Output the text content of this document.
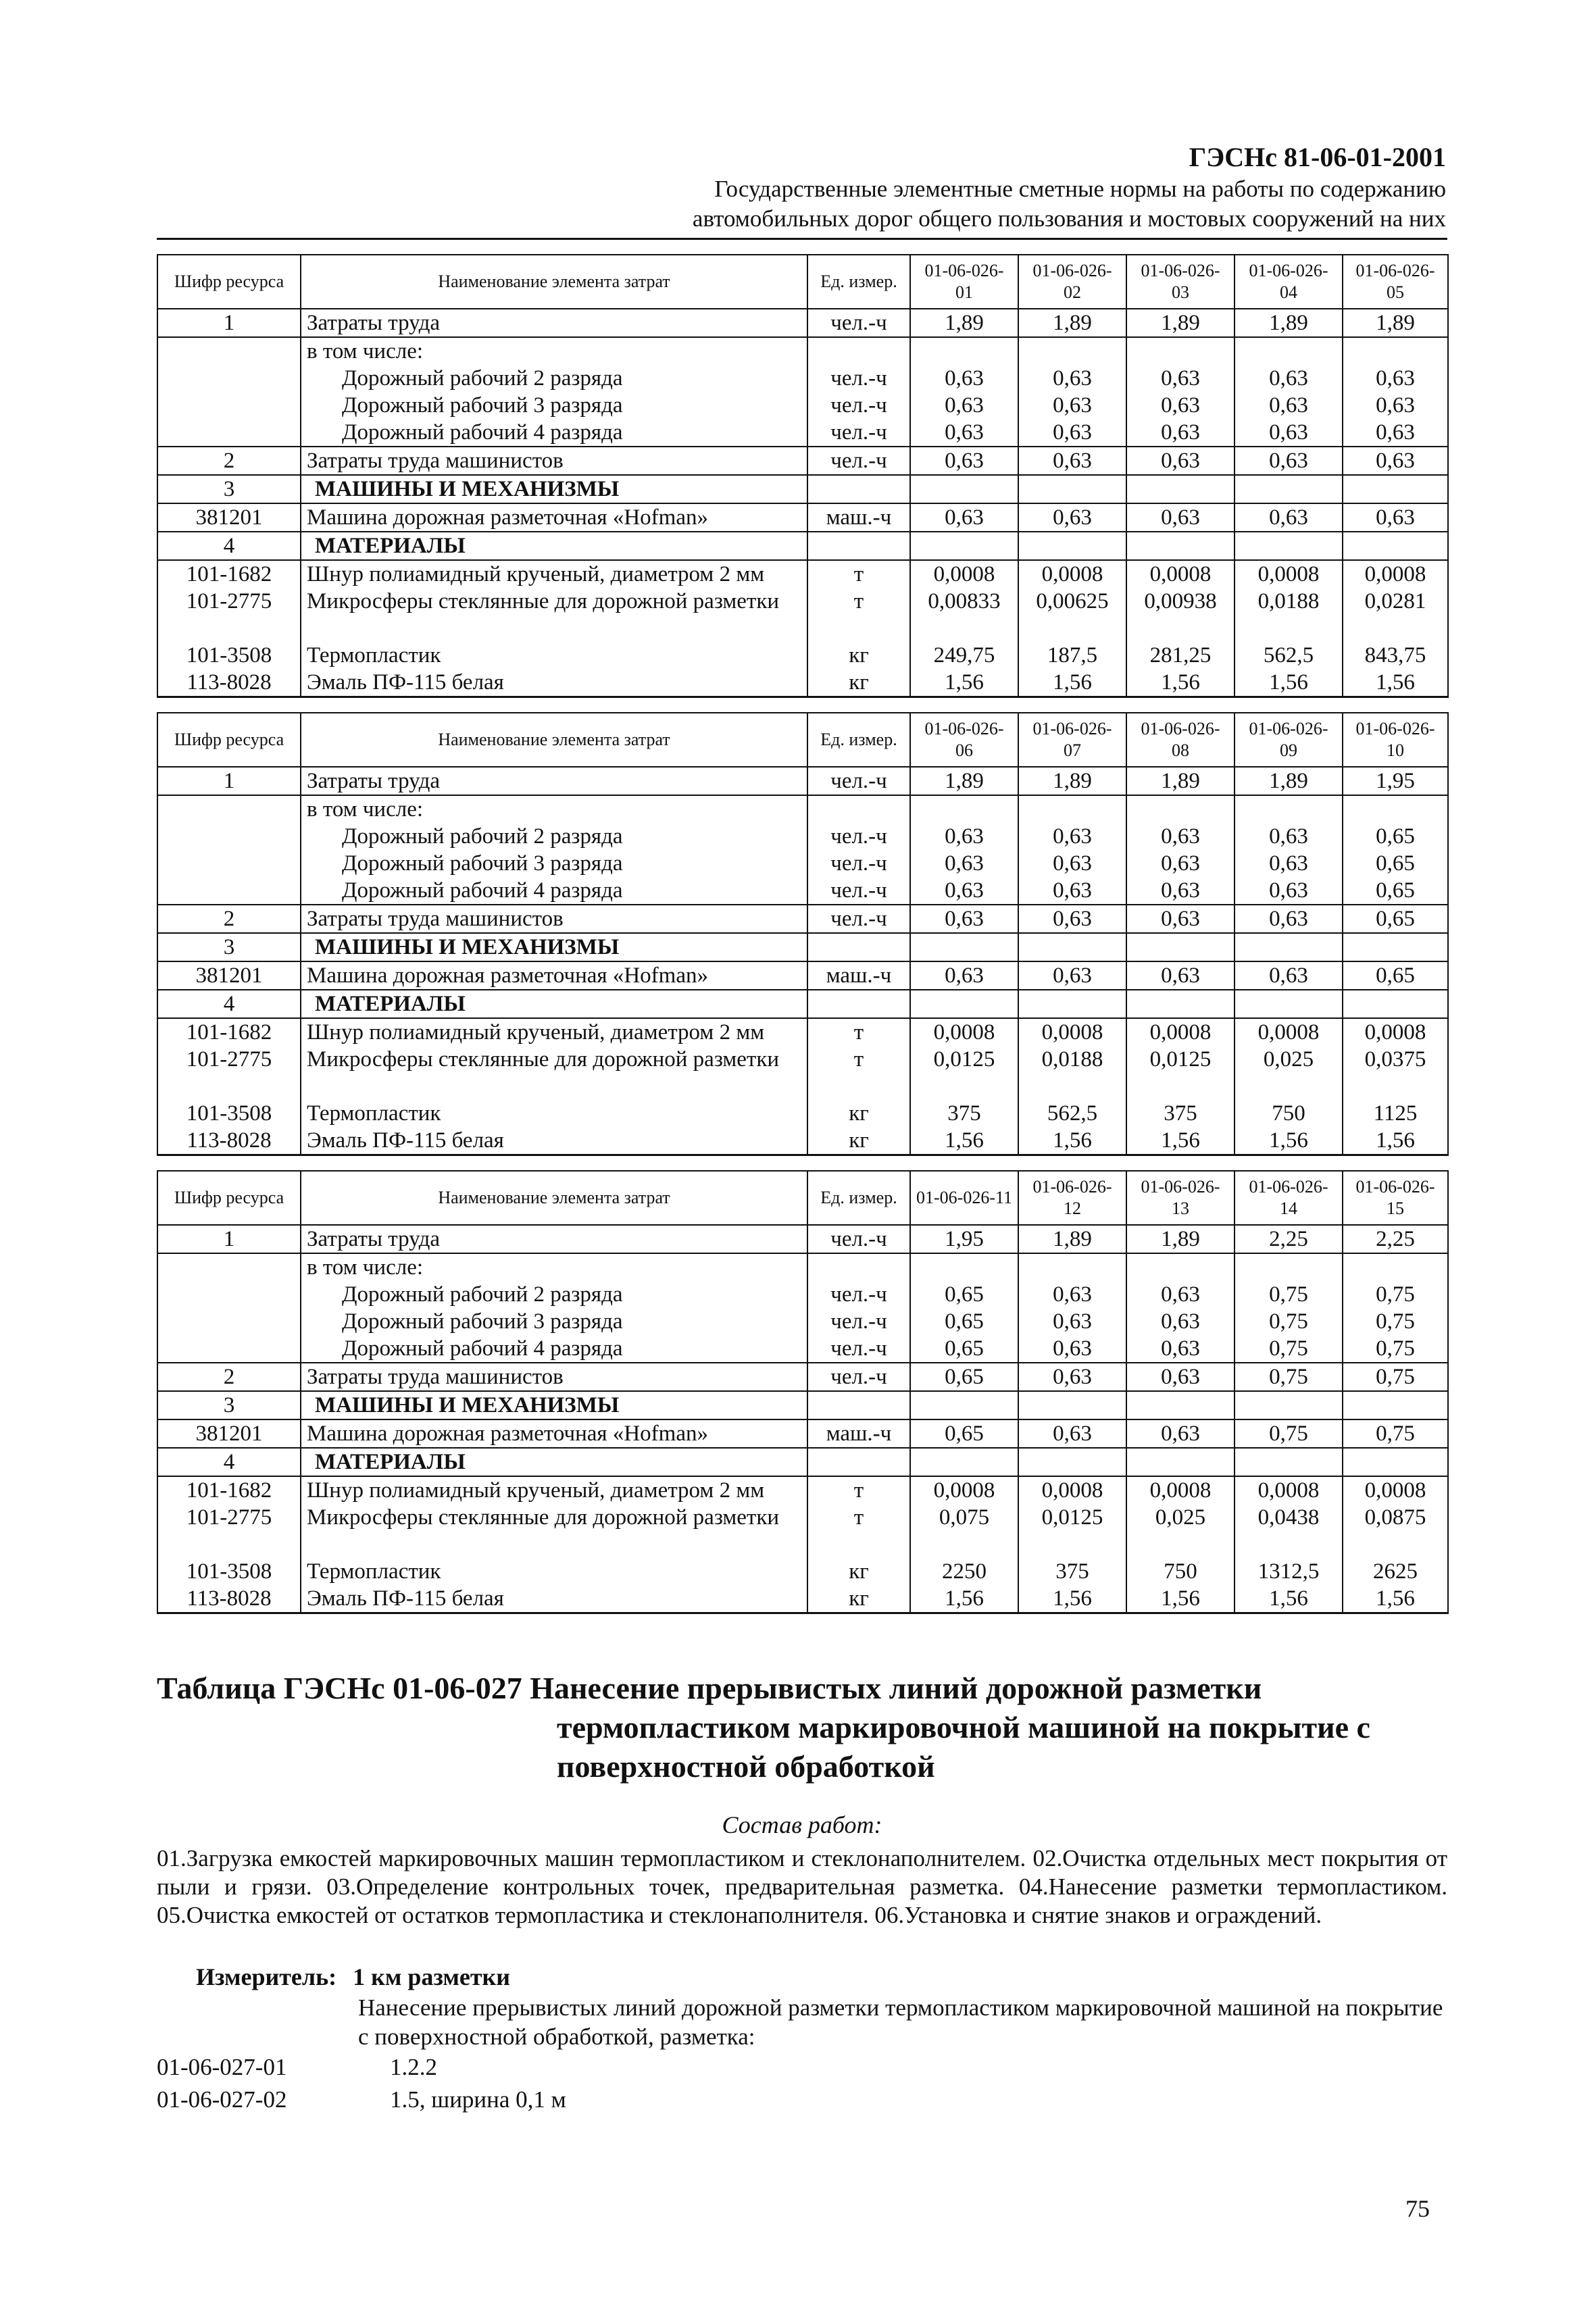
ГЭСНс 81-06-01-2001
Государственные элементные сметные нормы на работы по содержанию
автомобильных дорог общего пользования и мостовых сооружений на них
Шифр ресурса	Наименование элемента затрат	Ед. измер.	01-06-026-01	01-06-026-02	01-06-026-03	01-06-026-04	01-06-026-05
1	Затраты труда	чел.-ч	1,89	1,89	1,89	1,89	1,89
	в том числе:						
	Дорожный рабочий 2 разряда	чел.-ч	0,63	0,63	0,63	0,63	0,63
	Дорожный рабочий 3 разряда	чел.-ч	0,63	0,63	0,63	0,63	0,63
	Дорожный рабочий 4 разряда	чел.-ч	0,63	0,63	0,63	0,63	0,63
2	Затраты труда машинистов	чел.-ч	0,63	0,63	0,63	0,63	0,63
3	МАШИНЫ И МЕХАНИЗМЫ						
381201	Машина дорожная разметочная «Hofman»	маш.-ч	0,63	0,63	0,63	0,63	0,63
4	МАТЕРИАЛЫ						
101-1682	Шнур полиамидный крученый, диаметром 2 мм	т	0,0008	0,0008	0,0008	0,0008	0,0008
101-2775	Микросферы стеклянные для дорожной разметки	т	0,00833	0,00625	0,00938	0,0188	0,0281
101-3508	Термопластик	кг	249,75	187,5	281,25	562,5	843,75
113-8028	Эмаль ПФ-115 белая	кг	1,56	1,56	1,56	1,56	1,56
Шифр ресурса	Наименование элемента затрат	Ед. измер.	01-06-026-06	01-06-026-07	01-06-026-08	01-06-026-09	01-06-026-10
1	Затраты труда	чел.-ч	1,89	1,89	1,89	1,89	1,95
	в том числе:						
	Дорожный рабочий 2 разряда	чел.-ч	0,63	0,63	0,63	0,63	0,65
	Дорожный рабочий 3 разряда	чел.-ч	0,63	0,63	0,63	0,63	0,65
	Дорожный рабочий 4 разряда	чел.-ч	0,63	0,63	0,63	0,63	0,65
2	Затраты труда машинистов	чел.-ч	0,63	0,63	0,63	0,63	0,65
3	МАШИНЫ И МЕХАНИЗМЫ						
381201	Машина дорожная разметочная «Hofman»	маш.-ч	0,63	0,63	0,63	0,63	0,65
4	МАТЕРИАЛЫ						
101-1682	Шнур полиамидный крученый, диаметром 2 мм	т	0,0008	0,0008	0,0008	0,0008	0,0008
101-2775	Микросферы стеклянные для дорожной разметки	т	0,0125	0,0188	0,0125	0,025	0,0375
101-3508	Термопластик	кг	375	562,5	375	750	1125
113-8028	Эмаль ПФ-115 белая	кг	1,56	1,56	1,56	1,56	1,56
Шифр ресурса	Наименование элемента затрат	Ед. измер.	01-06-026-11	01-06-026-12	01-06-026-13	01-06-026-14	01-06-026-15
1	Затраты труда	чел.-ч	1,95	1,89	1,89	2,25	2,25
	в том числе:						
	Дорожный рабочий 2 разряда	чел.-ч	0,65	0,63	0,63	0,75	0,75
	Дорожный рабочий 3 разряда	чел.-ч	0,65	0,63	0,63	0,75	0,75
	Дорожный рабочий 4 разряда	чел.-ч	0,65	0,63	0,63	0,75	0,75
2	Затраты труда машинистов	чел.-ч	0,65	0,63	0,63	0,75	0,75
3	МАШИНЫ И МЕХАНИЗМЫ						
381201	Машина дорожная разметочная «Hofman»	маш.-ч	0,65	0,63	0,63	0,75	0,75
4	МАТЕРИАЛЫ						
101-1682	Шнур полиамидный крученый, диаметром 2 мм	т	0,0008	0,0008	0,0008	0,0008	0,0008
101-2775	Микросферы стеклянные для дорожной разметки	т	0,075	0,0125	0,025	0,0438	0,0875
101-3508	Термопластик	кг	2250	375	750	1312,5	2625
113-8028	Эмаль ПФ-115 белая	кг	1,56	1,56	1,56	1,56	1,56
Таблица ГЭСНс 01-06-027 Нанесение прерывистых линий дорожной разметки
термопластиком маркировочной машиной на покрытие с
поверхностной обработкой
Состав работ:
01.Загрузка емкостей маркировочных машин термопластиком и стеклонаполнителем. 02.Очистка отдельных мест покрытия от пыли и грязи. 03.Определение контрольных точек, предварительная разметка. 04.Нанесение разметки термопластиком. 05.Очистка емкостей от остатков термопластика и стеклонаполнителя. 06.Установка и снятие знаков и ограждений.
Измеритель: 1 км разметки
Нанесение прерывистых линий дорожной разметки термопластиком маркировочной машиной на покрытие с поверхностной обработкой, разметка:
01-06-027-01	1.2.2
01-06-027-02	1.5, ширина 0,1 м
75
